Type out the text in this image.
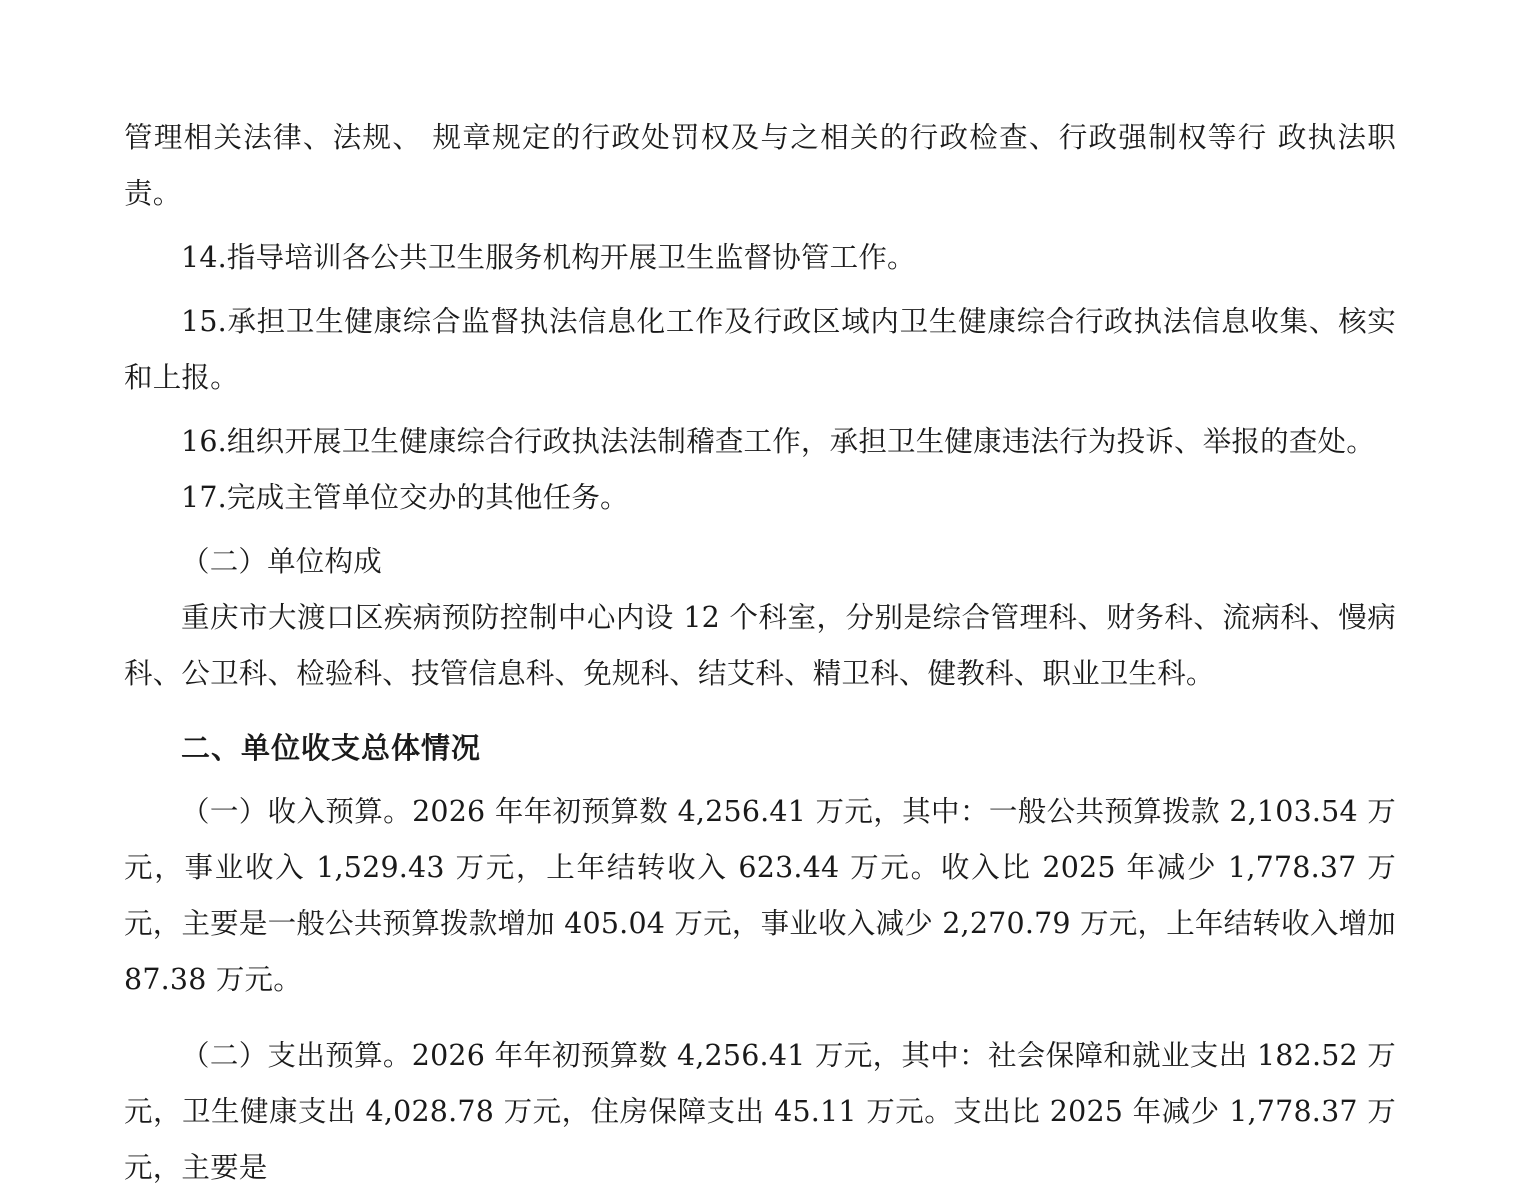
管理相关法律、法规、 规章规定的行政处罚权及与之相关的行政检查、行政强制权等行 政执法职责。

14.指导培训各公共卫生服务机构开展卫生监督协管工作。

15.承担卫生健康综合监督执法信息化工作及行政区域内卫生健康综合行政执法信息收集、核实和上报。

16.组织开展卫生健康综合行政执法法制稽查工作，承担卫生健康违法行为投诉、举报的查处。

17.完成主管单位交办的其他任务。

（二）单位构成

重庆市大渡口区疾病预防控制中心内设 12 个科室，分别是综合管理科、财务科、流病科、慢病科、公卫科、检验科、技管信息科、免规科、结艾科、精卫科、健教科、职业卫生科。

二、单位收支总体情况

（一）收入预算。2026 年年初预算数 4,256.41 万元，其中：一般公共预算拨款 2,103.54 万元，事业收入 1,529.43 万元，上年结转收入 623.44 万元。收入比 2025 年减少 1,778.37 万元，主要是一般公共预算拨款增加 405.04 万元，事业收入减少 2,270.79 万元，上年结转收入增加 87.38 万元。

（二）支出预算。2026 年年初预算数 4,256.41 万元，其中：社会保障和就业支出 182.52 万元，卫生健康支出 4,028.78 万元，住房保障支出 45.11 万元。支出比 2025 年减少 1,778.37 万元，主要是
